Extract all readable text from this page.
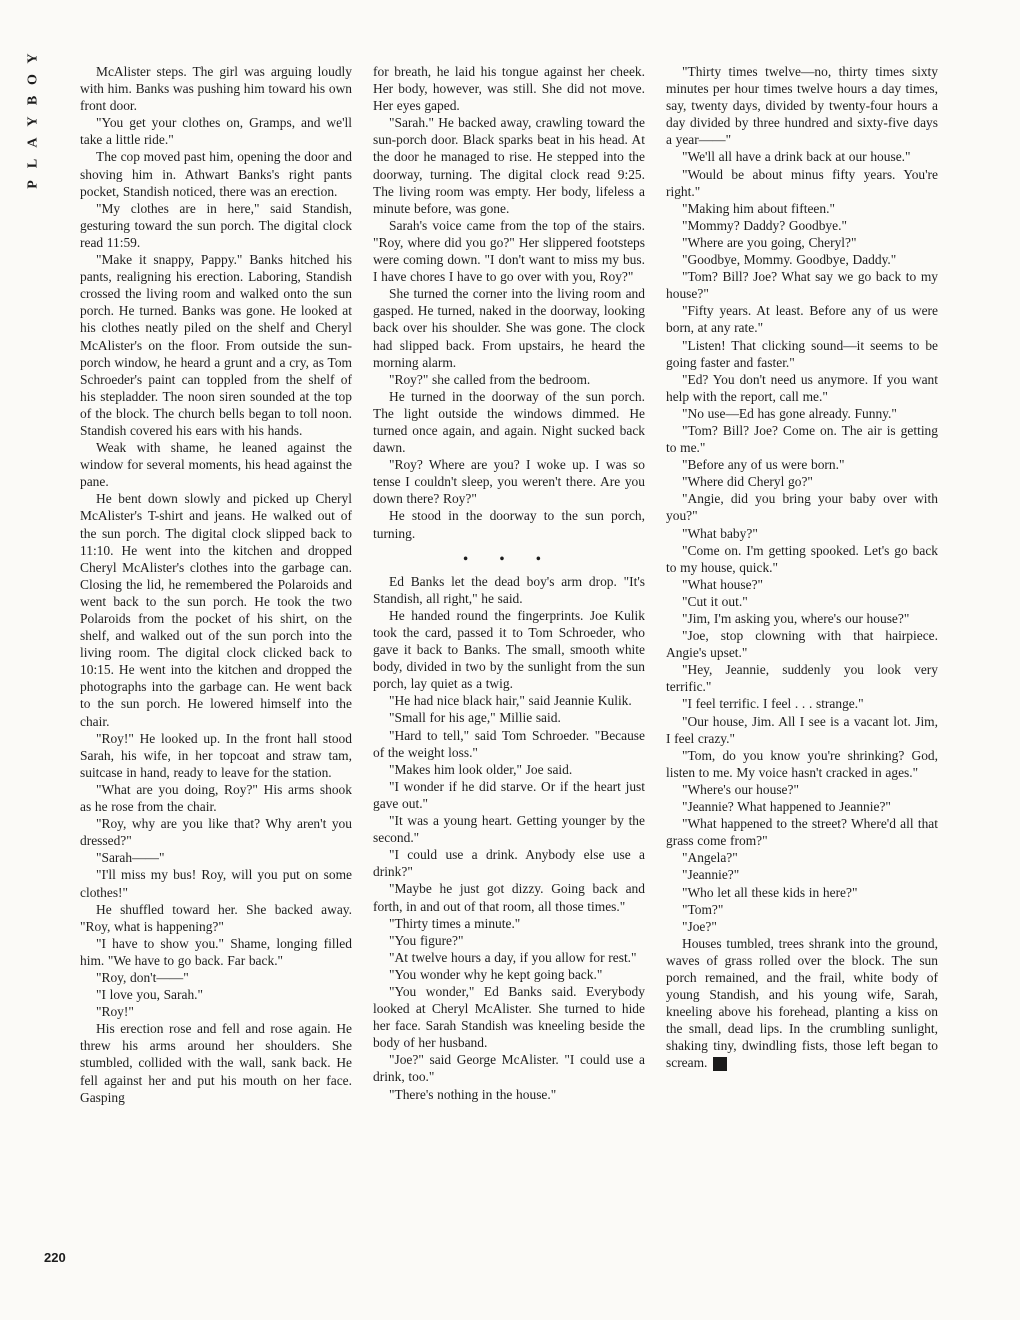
Y
O
B
Y
A
L
P
220

McAlister steps. The girl was arguing loudly with him. Banks was pushing him toward his own front door.

"You get your clothes on, Gramps, and we'll take a little ride."

The cop moved past him, opening the door and shoving him in. Athwart Banks's right pants pocket, Standish noticed, there was an erection.

"My clothes are in here," said Standish, gesturing toward the sun porch. The digital clock read 11:59.

"Make it snappy, Pappy." Banks hitched his pants, realigning his erection. Laboring, Standish crossed the living room and walked onto the sun porch. He turned. Banks was gone. He looked at his clothes neatly piled on the shelf and Cheryl McAlister's on the floor. From outside the sun-porch window, he heard a grunt and a cry, as Tom Schroeder's paint can toppled from the shelf of his stepladder. The noon siren sounded at the top of the block. The church bells began to toll noon. Standish covered his ears with his hands.

Weak with shame, he leaned against the window for several moments, his head against the pane.

He bent down slowly and picked up Cheryl McAlister's T-shirt and jeans. He walked out of the sun porch. The digital clock slipped back to 11:10. He went into the kitchen and dropped Cheryl McAlister's clothes into the garbage can. Closing the lid, he remembered the Polaroids and went back to the sun porch. He took the two Polaroids from the pocket of his shirt, on the shelf, and walked out of the sun porch into the living room. The digital clock clicked back to 10:15. He went into the kitchen and dropped the photographs into the garbage can. He went back to the sun porch. He lowered himself into the chair.

"Roy!" He looked up. In the front hall stood Sarah, his wife, in her topcoat and straw tam, suitcase in hand, ready to leave for the station.

"What are you doing, Roy?" His arms shook as he rose from the chair.

"Roy, why are you like that? Why aren't you dressed?"

"Sarah——"

"I'll miss my bus! Roy, will you put on some clothes!"

He shuffled toward her. She backed away. "Roy, what is happening?"

"I have to show you." Shame, longing filled him. "We have to go back. Far back."

"Roy, don't——"

"I love you, Sarah."

"Roy!"

His erection rose and fell and rose again. He threw his arms around her shoulders. She stumbled, collided with the wall, sank back. He fell against her and put his mouth on her face. Gasping

for breath, he laid his tongue against her cheek. Her body, however, was still. She did not move. Her eyes gaped.

"Sarah." He backed away, crawling toward the sun-porch door. Black sparks beat in his head. At the door he managed to rise. He stepped into the doorway, turning. The digital clock read 9:25. The living room was empty. Her body, lifeless a minute before, was gone.

Sarah's voice came from the top of the stairs. "Roy, where did you go?" Her slippered footsteps were coming down. "I don't want to miss my bus. I have chores I have to go over with you, Roy?"

She turned the corner into the living room and gasped. He turned, naked in the doorway, looking back over his shoulder. She was gone. The clock had slipped back. From upstairs, he heard the morning alarm.

"Roy?" she called from the bedroom.

He turned in the doorway of the sun porch. The light outside the windows dimmed. He turned once again, and again. Night sucked back dawn.

"Roy? Where are you? I woke up. I was so tense I couldn't sleep, you weren't there. Are you down there? Roy?"

He stood in the doorway to the sun porch, turning.

• • •

Ed Banks let the dead boy's arm drop. "It's Standish, all right," he said.

He handed round the fingerprints. Joe Kulik took the card, passed it to Tom Schroeder, who gave it back to Banks. The small, smooth white body, divided in two by the sunlight from the sun porch, lay quiet as a twig.

"He had nice black hair," said Jeannie Kulik.

"Small for his age," Millie said.

"Hard to tell," said Tom Schroeder. "Because of the weight loss."

"Makes him look older," Joe said.

"I wonder if he did starve. Or if the heart just gave out."

"It was a young heart. Getting younger by the second."

"I could use a drink. Anybody else use a drink?"

"Maybe he just got dizzy. Going back and forth, in and out of that room, all those times."

"Thirty times a minute."

"You figure?"

"At twelve hours a day, if you allow for rest."

"You wonder why he kept going back."

"You wonder," Ed Banks said. Everybody looked at Cheryl McAlister. She turned to hide her face. Sarah Standish was kneeling beside the body of her husband.

"Joe?" said George McAlister. "I could use a drink, too."

"There's nothing in the house."

"Thirty times twelve—no, thirty times sixty minutes per hour times twelve hours a day times, say, twenty days, divided by twenty-four hours a day divided by three hundred and sixty-five days a year——"

"We'll all have a drink back at our house."

"Would be about minus fifty years. You're right."

"Making him about fifteen."

"Mommy? Daddy? Goodbye."

"Where are you going, Cheryl?"

"Goodbye, Mommy. Goodbye, Daddy."

"Tom? Bill? Joe? What say we go back to my house?"

"Fifty years. At least. Before any of us were born, at any rate."

"Listen! That clicking sound—it seems to be going faster and faster."

"Ed? You don't need us anymore. If you want help with the report, call me."

"No use—Ed has gone already. Funny."

"Tom? Bill? Joe? Come on. The air is getting to me."

"Before any of us were born."

"Where did Cheryl go?"

"Angie, did you bring your baby over with you?"

"What baby?"

"Come on. I'm getting spooked. Let's go back to my house, quick."

"What house?"

"Cut it out."

"Jim, I'm asking you, where's our house?"

"Joe, stop clowning with that hairpiece. Angie's upset."

"Hey, Jeannie, suddenly you look very terrific."

"I feel terrific. I feel . . . strange."

"Our house, Jim. All I see is a vacant lot. Jim, I feel crazy."

"Tom, do you know you're shrinking? God, listen to me. My voice hasn't cracked in ages."

"Where's our house?"

"Jeannie? What happened to Jeannie?"

"What happened to the street? Where'd all that grass come from?"

"Angela?"

"Jeannie?"

"Who let all these kids in here?"

"Tom?"

"Joe?"

Houses tumbled, trees shrank into the ground, waves of grass rolled over the block. The sun porch remained, and the frail, white body of young Standish, and his young wife, Sarah, kneeling above his forehead, planting a kiss on the small, dead lips. In the crumbling sunlight, shaking tiny, dwindling fists, those left began to scream. ❀
